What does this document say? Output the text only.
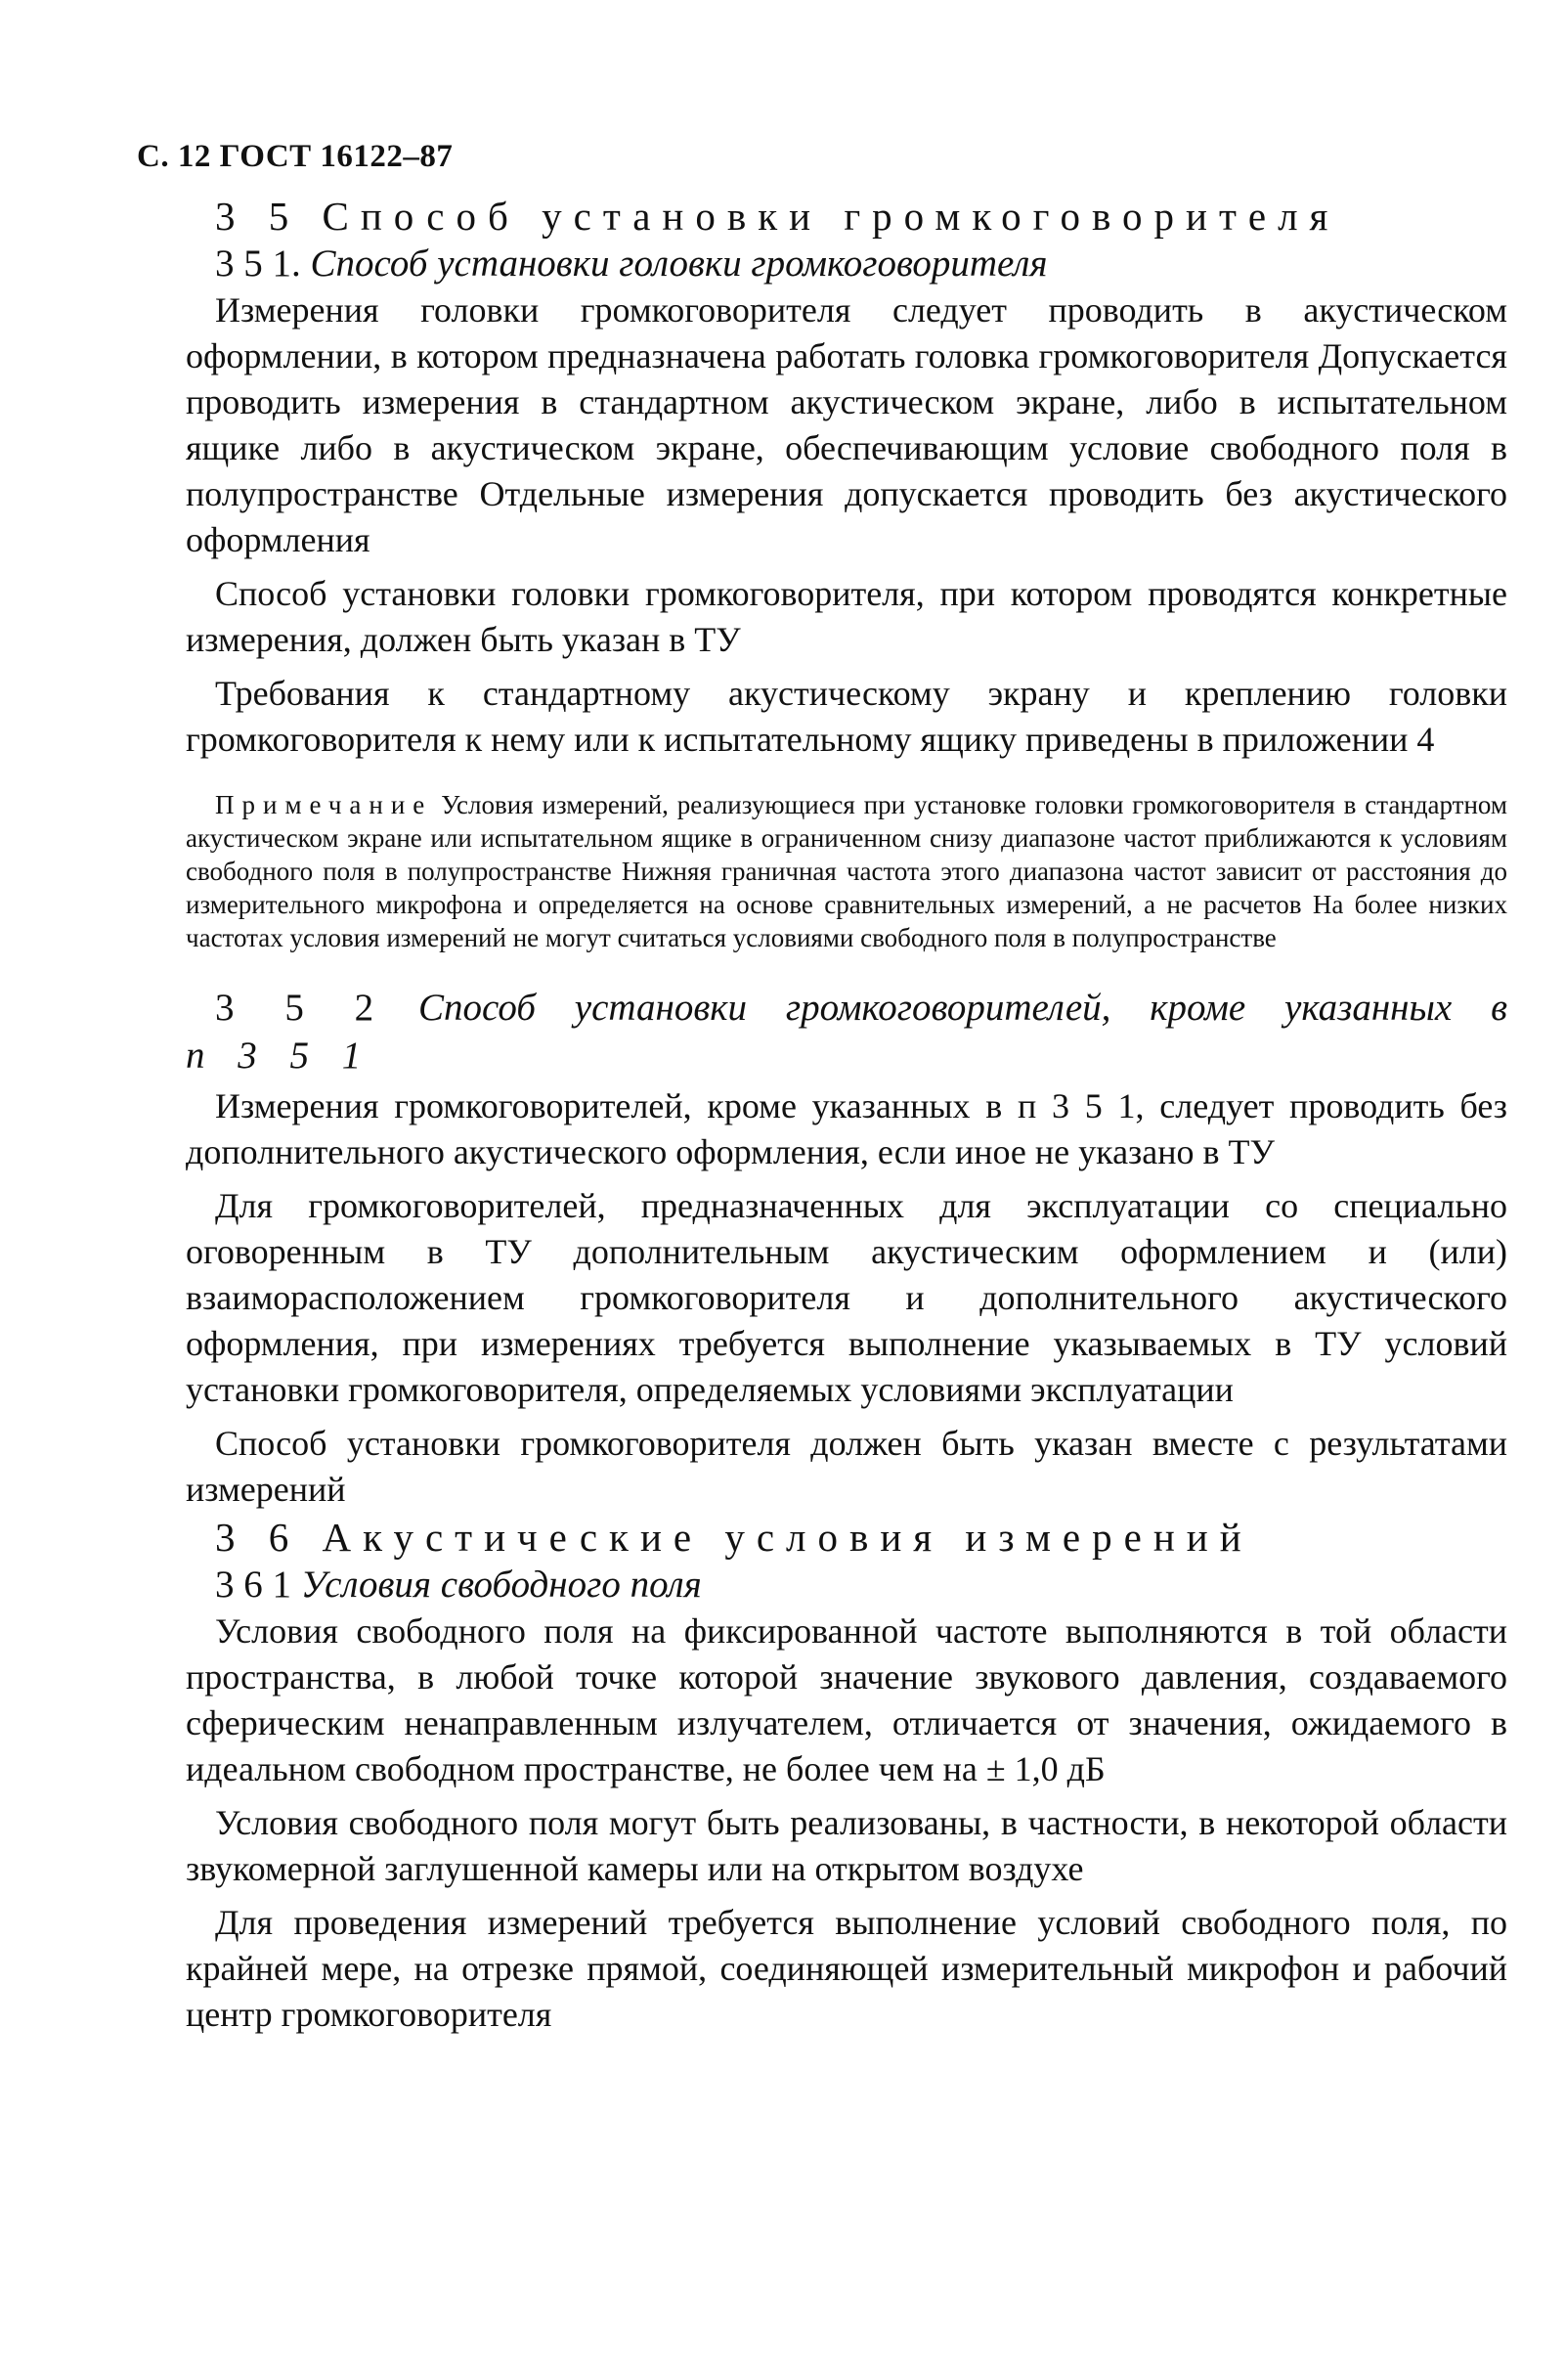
С. 12 ГОСТ 16122–87
3 5 Способ установки громкоговорителя
3 5 1. Способ установки головки громкоговорителя

Измерения головки громкоговорителя следует проводить в акустическом оформлении, в котором предназначена работать головка громкоговорителя Допускается проводить измерения в стандартном акустическом экране, либо в испытательном ящике либо в акустическом экране, обеспечивающим условие свободного поля в полупространстве Отдельные измерения допускается проводить без акустического оформления

Способ установки головки громкоговорителя, при котором проводятся конкретные измерения, должен быть указан в ТУ

Требования к стандартному акустическому экрану и креплению головки громкоговорителя к нему или к испытательному ящику приведены в приложении 4

Примечание Условия измерений, реализующиеся при установке головки громкоговорителя в стандартном акустическом экране или испытательном ящике в ограниченном снизу диапазоне частот приближаются к условиям свободного поля в полупространстве Нижняя граничная частота этого диапазона частот зависит от расстояния до измерительного микрофона и определяется на основе сравнительных измерений, а не расчетов На более низких частотах условия измерений не могут считаться условиями свободного поля в полупространстве

3 5 2 Способ установки громкоговорителей, кроме указанных в п 3 5 1

Измерения громкоговорителей, кроме указанных в п 3 5 1, следует проводить без дополнительного акустического оформления, если иное не указано в ТУ

Для громкоговорителей, предназначенных для эксплуатации со специально оговоренным в ТУ дополнительным акустическим оформлением и (или) взаиморасположением громкоговорителя и дополнительного акустического оформления, при измерениях требуется выполнение указываемых в ТУ условий установки громкоговорителя, определяемых условиями эксплуатации

Способ установки громкоговорителя должен быть указан вместе с результатами измерений

3 6 Акустические условия измерений
3 6 1 Условия свободного поля

Условия свободного поля на фиксированной частоте выполняются в той области пространства, в любой точке которой значение звукового давления, создаваемого сферическим ненаправленным излучателем, отличается от значения, ожидаемого в идеальном свободном пространстве, не более чем на ± 1,0 дБ

Условия свободного поля могут быть реализованы, в частности, в некоторой области звукомерной заглушенной камеры или на открытом воздухе

Для проведения измерений требуется выполнение условий свободного поля, по крайней мере, на отрезке прямой, соединяющей измерительный микрофон и рабочий центр громкоговорителя
